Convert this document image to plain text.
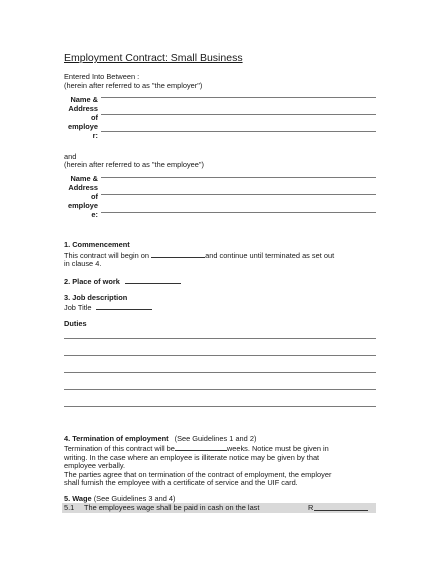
Employment Contract: Small Business
Entered Into Between :
(herein after referred to as "the employer")
Name &
Address
of
employe
r:
and
(herein after referred to as "the employee")
Name &
Address
of
employe
e:
1. Commencement
This contract will begin on	and continue until terminated as set out
in clause 4.
2. Place of work
3. Job description
Job Title
Duties
4. Termination of employment (See Guidelines 1 and 2)
Termination of this contract will be	weeks. Notice must be given in
writing. In the case where an employee is illiterate notice may be given by that
employee verbally.
The parties agree that on termination of the contract of employment, the employer
shall furnish the employee with a certificate of service and the UIF card.
5. Wage (See Guidelines 3 and 4)
5.1 The employees wage shall be paid in cash on the last	R
